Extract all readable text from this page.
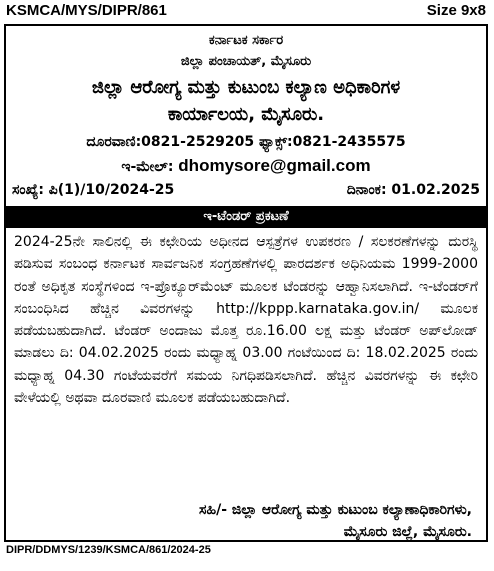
KSMCA/MYS/DIPR/861	Size 9x8
ಕರ್ನಾಟಕ ಸರ್ಕಾರ
ಜಿಲ್ಲಾ ಪಂಚಾಯತ್, ಮೈಸೂರು
ಜಿಲ್ಲಾ ಆರೋಗ್ಯ ಮತ್ತು ಕುಟುಂಬ ಕಲ್ಯಾಣ ಅಧಿಕಾರಿಗಳ
ಕಾರ್ಯಾಲಯ, ಮೈಸೂರು.
ದೂರವಾಣಿ:0821-2529205 ಫ್ಯಾಕ್ಸ್:0821-2435575
ಇ-ಮೇಲ್: dhomysore@gmail.com
ಸಂಖ್ಯೆ: ಪಿ(1)/10/2024-25	ದಿನಾಂಕ: 01.02.2025
ಇ-ಟೆಂಡರ್ ಪ್ರಕಟಣೆ

2024-25ನೇ ಸಾಲಿನಲ್ಲಿ ಈ ಕಛೇರಿಯ ಅಧೀನದ ಆಸ್ಪತ್ರೆಗಳ ಉಪಕರಣ / ಸಲಕರಣೆಗಳನ್ನು ದುರಸ್ಥಿ ಪಡಿಸುವ ಸಂಬಂಧ ಕರ್ನಾಟಕ ಸಾರ್ವಜನಿಕ ಸಂಗ್ರಹಣೆಗಳಲ್ಲಿ ಪಾರದರ್ಶಕ ಅಧಿನಿಯಮ 1999-2000 ರಂತೆ ಅಧಿಕೃತ ಸಂಸ್ಥೆಗಳಿಂದ ಇ-ಪ್ರೊಕ್ಯೂರ್‌ಮೆಂಟ್ ಮೂಲಕ ಟೆಂಡರನ್ನು ಆಹ್ವಾನಿಸಲಾಗಿದೆ. ಇ-ಟೆಂಡರ್‌ಗೆ ಸಂಬಂಧಿಸಿದ ಹೆಚ್ಚಿನ ವಿವರಗಳನ್ನು http://kppp.karnataka.gov.in/ ಮೂಲಕ ಪಡೆಯಬಹುದಾಗಿದೆ. ಟೆಂಡರ್ ಅಂದಾಜು ಮೊತ್ತ ರೂ.16.00 ಲಕ್ಷ ಮತ್ತು ಟೆಂಡರ್ ಅಪ್‌ಲೋಡ್ ಮಾಡಲು ದಿ: 04.02.2025 ರಂದು ಮಧ್ಯಾಹ್ನ 03.00 ಗಂಟೆಯಿಂದ ದಿ: 18.02.2025 ರಂದು ಮಧ್ಯಾಹ್ನ 04.30 ಗಂಟೆಯವರೆಗೆ ಸಮಯ ನಿಗಧಿಪಡಿಸಲಾಗಿದೆ. ಹೆಚ್ಚಿನ ವಿವರಗಳನ್ನು ಈ ಕಛೇರಿ ವೇಳೆಯಲ್ಲಿ ಅಥವಾ ದೂರವಾಣಿ ಮೂಲಕ ಪಡೆಯಬಹುದಾಗಿದೆ.

ಸಹಿ/- ಜಿಲ್ಲಾ ಆರೋಗ್ಯ ಮತ್ತು ಕುಟುಂಬ ಕಲ್ಯಾಣಾಧಿಕಾರಿಗಳು,
ಮೈಸೂರು ಜಿಲ್ಲೆ, ಮೈಸೂರು.
DIPR/DDMYS/1239/KSMCA/861/2024-25
